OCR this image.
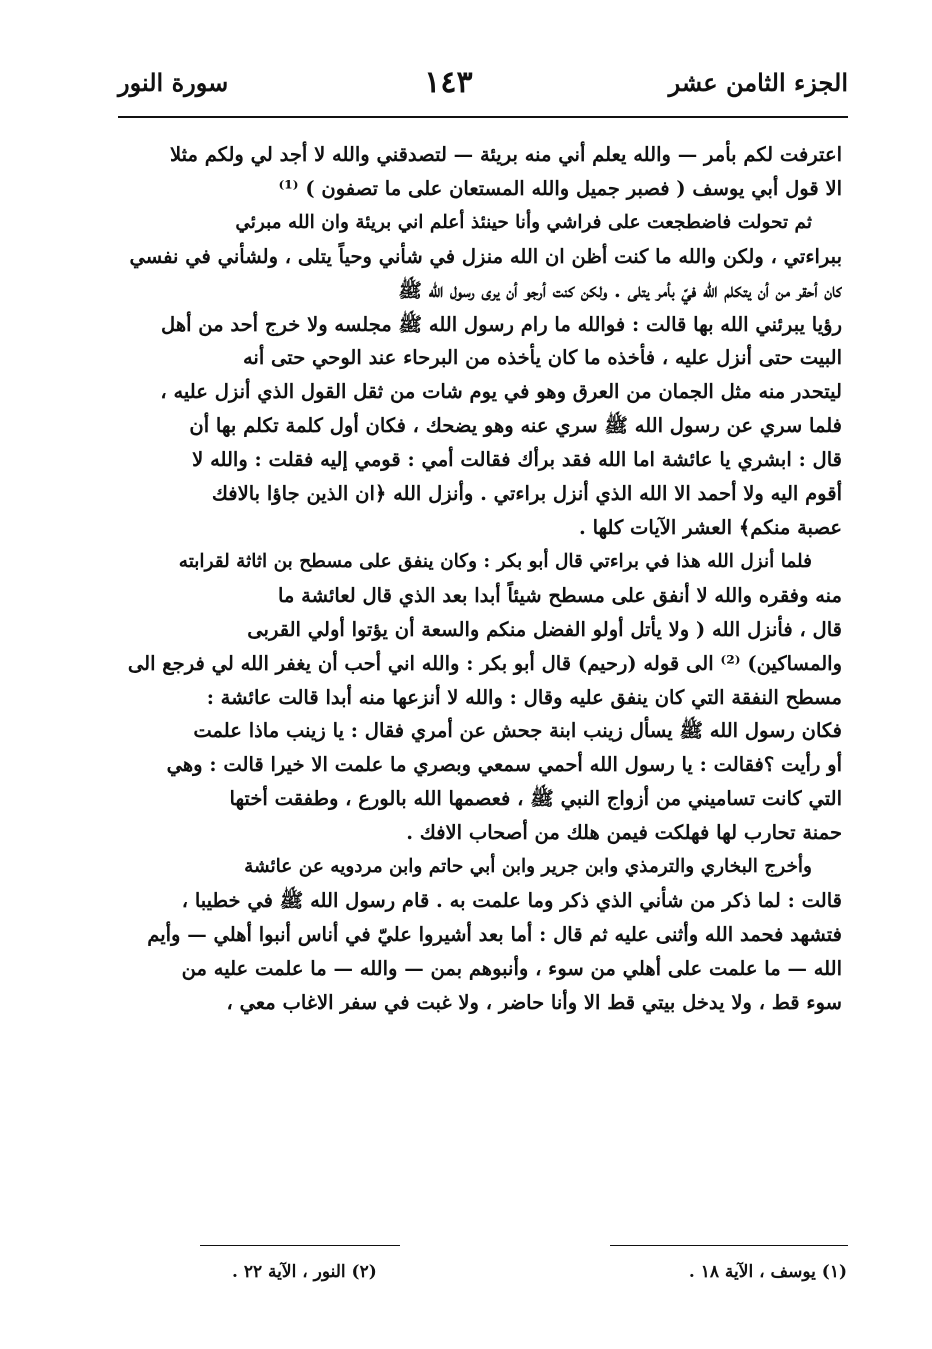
الجزء الثامن عشر
١٤٣
سورة النور

اعترفت لكم بأمر — والله يعلم أني منه بريئة — لتصدقني والله لا أجد لي ولكم مثلا
الا قول أبي يوسف ( فصبر جميل والله المستعان على ما تصفون ) ⁽¹⁾

ثم تحولت فاضطجعت على فراشي وأنا حينئذ أعلم اني بريئة وان الله مبرئي
ببراءتي ، ولكن والله ما كنت أظن ان الله منزل في شأني وحياً يتلى ، ولشأني في نفسي
كان أحقر من أن يتكلم الله فيّ بأمر يتلى . ولكن كنت أرجو أن يرى رسول الله ﷺ
رؤيا يبرئني الله بها قالت : فوالله ما رام رسول الله ﷺ مجلسه ولا خرج أحد من أهل
البيت حتى أنزل عليه ، فأخذه ما كان يأخذه من البرحاء عند الوحي حتى أنه
ليتحدر منه مثل الجمان من العرق وهو في يوم شات من ثقل القول الذي أنزل عليه ،
فلما سري عن رسول الله ﷺ سري عنه وهو يضحك ، فكان أول كلمة تكلم بها أن
قال : ابشري يا عائشة اما الله فقد برأك فقالت أمي : قومي إليه فقلت : والله لا
أقوم اليه ولا أحمد الا الله الذي أنزل براءتي . وأنزل الله ﴿ان الذين جاؤا بالافك
عصبة منكم﴾ العشر الآيات كلها .

فلما أنزل الله هذا في براءتي قال أبو بكر : وكان ينفق على مسطح بن اثاثة لقرابته
منه وفقره والله لا أنفق على مسطح شيئاً أبدا بعد الذي قال لعائشة ما
قال ، فأنزل الله ( ولا يأتل أولو الفضل منكم والسعة أن يؤتوا أولي القربى
والمساكين) ⁽²⁾ الى قوله (رحيم) قال أبو بكر : والله اني أحب أن يغفر الله لي فرجع الى
مسطح النفقة التي كان ينفق عليه وقال : والله لا أنزعها منه أبدا قالت عائشة :
فكان رسول الله ﷺ يسأل زينب ابنة جحش عن أمري فقال : يا زينب ماذا علمت
أو رأيت ؟فقالت : يا رسول الله أحمي سمعي وبصري ما علمت الا خيرا قالت : وهي
التي كانت تساميني من أزواج النبي ﷺ ، فعصمها الله بالورع ، وطفقت أختها
حمنة تحارب لها فهلكت فيمن هلك من أصحاب الافك .

وأخرج البخاري والترمذي وابن جرير وابن أبي حاتم وابن مردويه عن عائشة
قالت : لما ذكر من شأني الذي ذكر وما علمت به . قام رسول الله ﷺ في خطيبا ،
فتشهد فحمد الله وأثنى عليه ثم قال : أما بعد أشيروا عليّ في أناس أنبوا أهلي — وأيم
الله — ما علمت على أهلي من سوء ، وأنبوهم بمن — والله — ما علمت عليه من
سوء قط ، ولا يدخل بيتي قط الا وأنا حاضر ، ولا غبت في سفر الاغاب معي ،

(١) يوسف ، الآية ١٨ .
(٢) النور ، الآية ٢٢ .
